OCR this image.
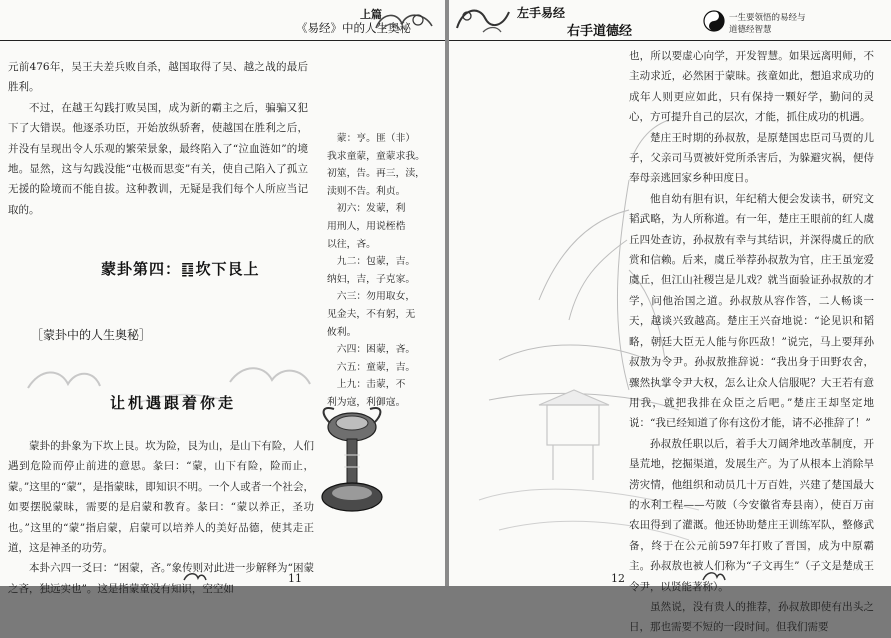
上篇
《易经》中的人生奥秘

元前476年，吴王夫差兵败自杀，越国取得了吴、越之战的最后胜利。

不过，在越王勾践打败吴国，成为新的霸主之后，骗骗又犯下了大错误。他逐杀功臣，开始放纵骄奢，使越国在胜利之后，并没有呈现出令人乐观的繁荣景象，最终陷入了“泣血涟如”的境地。显然，这与勾践没能“屯极而思变”有关，使自己陷入了孤立无援的险境而不能自拔。这种教训，无疑是我们每个人所应当记取的。

蒙：亨。匪（非）

我求童蒙，童蒙求我。

初筮，告。再三，渎，

渎则不告。利贞。

初六：发蒙，利

用刑人，用说桎梏

以往，吝。

九二：包蒙，吉。

纳妇，吉，子克家。

六三：勿用取女，

见金夫，不有躬，无

攸利。

六四：困蒙，吝。

六五：童蒙，吉。

上九：击蒙，不

利为寇，利御寇。

蒙卦第四：䷃坎下艮上
［蒙卦中的人生奥秘］
让机遇跟着你走

蒙卦的卦象为下坎上艮。坎为险，艮为山，是山下有险，人们遇到危险而停止前进的意思。彖曰：“蒙，山下有险，险而止，蒙。”这里的“蒙”，是指蒙昧，即知识不明。一个人或者一个社会，如要摆脱蒙昧，需要的是启蒙和教育。彖曰：“蒙以养正，圣功也。”这里的“蒙”指启蒙，启蒙可以培养人的美好品德，使其走正道，这是神圣的功劳。

本卦六四一爻曰：“困蒙，吝。”象传则对此进一步解释为“困蒙之吝，独远实也”。这是指蒙童没有知识，空空如

11
左手易经
右手道德经
一生要领悟的易经与
道德经智慧

也，所以要虚心向学，开发智慧。如果远离明师，不主动求近，必然困于蒙昧。孩童如此，想追求成功的成年人则更应如此，只有保持一颗好学，勤问的灵心，方可提升自己的层次，才能，抓住成功的机遇。

楚庄王时期的孙叔敖，是原楚国忠臣司马贾的儿子，父亲司马贾被奸党所杀害后，为躲避灾祸，便侍奉母亲逃回家乡种田度日。

他自幼有胆有识，年纪稍大便会发读书，研究文韬武略，为人所称道。有一年，楚庄王眼前的红人虞丘四处查访，孙叔敖有幸与其结识，并深得虞丘的欣赏和信赖。后来，虞丘举荐孙叔敖为官，庄王虽宠爱虞丘，但江山社稷岂是儿戏？就当面验证孙叔敖的才学，问他治国之道。孙叔敖从容作答，二人畅谈一天，越谈兴致越高。楚庄王兴奋地说：“论见识和韬略，朝廷大臣无人能与你匹敌！”说完，马上要拜孙叔敖为令尹。孙叔敖推辞说：“我出身于田野农舍，骤然执掌令尹大权，怎么让众人信服呢？大王若有意用我，就把我排在众臣之后吧。”楚庄王却坚定地说：“我已经知道了你有这份才能，请不必推辞了！”

孙叔敖任职以后，着手大刀阔斧地改革制度，开垦荒地，挖掘渠道，发展生产。为了从根本上消除旱涝灾情，他组织和动员几十万百姓，兴建了楚国最大的水利工程——芍陂（今安徽省寿县南），使百万亩农田得到了灌溉。他还协助楚庄王训练军队，整修武备，终于在公元前597年打败了晋国，成为中原霸主。孙叔敖也被人们称为“子文再生”（子文是楚成王令尹，以贤能著称）。

虽然说，没有贵人的推荐，孙叔敖即使有出头之日，那也需要不短的一段时间。但我们需要

12
